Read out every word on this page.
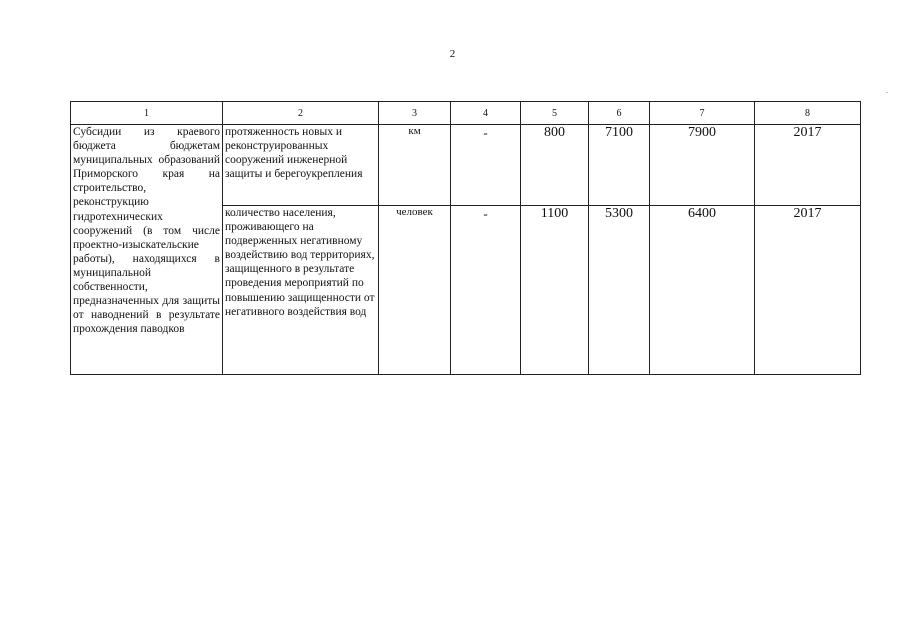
2
.
1	2	3	4	5	6	7	8
Субсидии из краевого бюджета бюджетам муниципальных образований Приморского края на строительство, реконструкцию гидротехнических сооружений (в том числе проектно-изыскательские работы), находящихся в муниципальной собственности, предназначенных для защиты от наводнений в результате прохождения паводков	протяженность новых и реконструированных сооружений инженерной защиты и берегоукрепления	км	-	800	7100	7900	2017
	количество населения, проживающего на подверженных негативному воздействию вод территориях, защищенного в результате проведения мероприятий по повышению защищенности от негативного воздействия вод	человек	-	1100	5300	6400	2017
